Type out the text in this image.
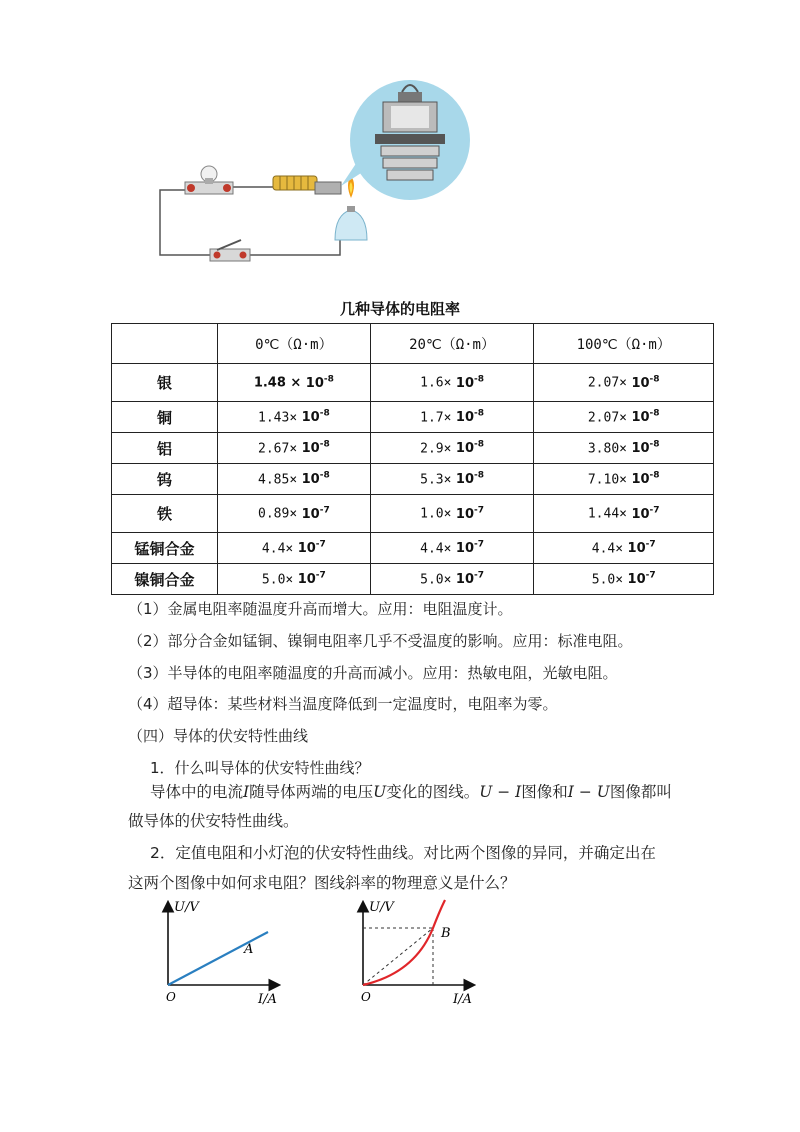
几种导体的电阻率
	0℃（Ω·m）	20℃（Ω·m）	100℃（Ω·m）
银	$1.48 \times 10^{-8}$	$1.6\times 10^{-8}$	$2.07\times 10^{-8}$
铜	$1.43\times 10^{-8}$	$1.7\times 10^{-8}$	$2.07\times 10^{-8}$
铝	$2.67\times 10^{-8}$	$2.9\times 10^{-8}$	$3.80\times 10^{-8}$
钨	$4.85\times 10^{-8}$	$5.3\times 10^{-8}$	$7.10\times 10^{-8}$
铁	$0.89\times 10^{-7}$	$1.0\times 10^{-7}$	$1.44\times 10^{-7}$
锰铜合金	$4.4\times 10^{-7}$	$4.4\times 10^{-7}$	$4.4\times 10^{-7}$
镍铜合金	$5.0\times 10^{-7}$	$5.0\times 10^{-7}$	$5.0\times 10^{-7}$
（1）金属电阻率随温度升高而增大。应用：电阻温度计。
（2）部分合金如锰铜、镍铜电阻率几乎不受温度的影响。应用：标准电阻。
（3）半导体的电阻率随温度的升高而减小。应用：热敏电阻，光敏电阻。
（4）超导体：某些材料当温度降低到一定温度时，电阻率为零。
（四）导体的伏安特性曲线
1．什么叫导体的伏安特性曲线？
导体中的电流I随导体两端的电压U变化的图线。U − I图像和I − U图像都叫
做导体的伏安特性曲线。
2．定值电阻和小灯泡的伏安特性曲线。对比两个图像的异同，并确定出在
这两个图像中如何求电阻？图线斜率的物理意义是什么？
U/V
I/A
O
A
U/V
I/A
O
B
